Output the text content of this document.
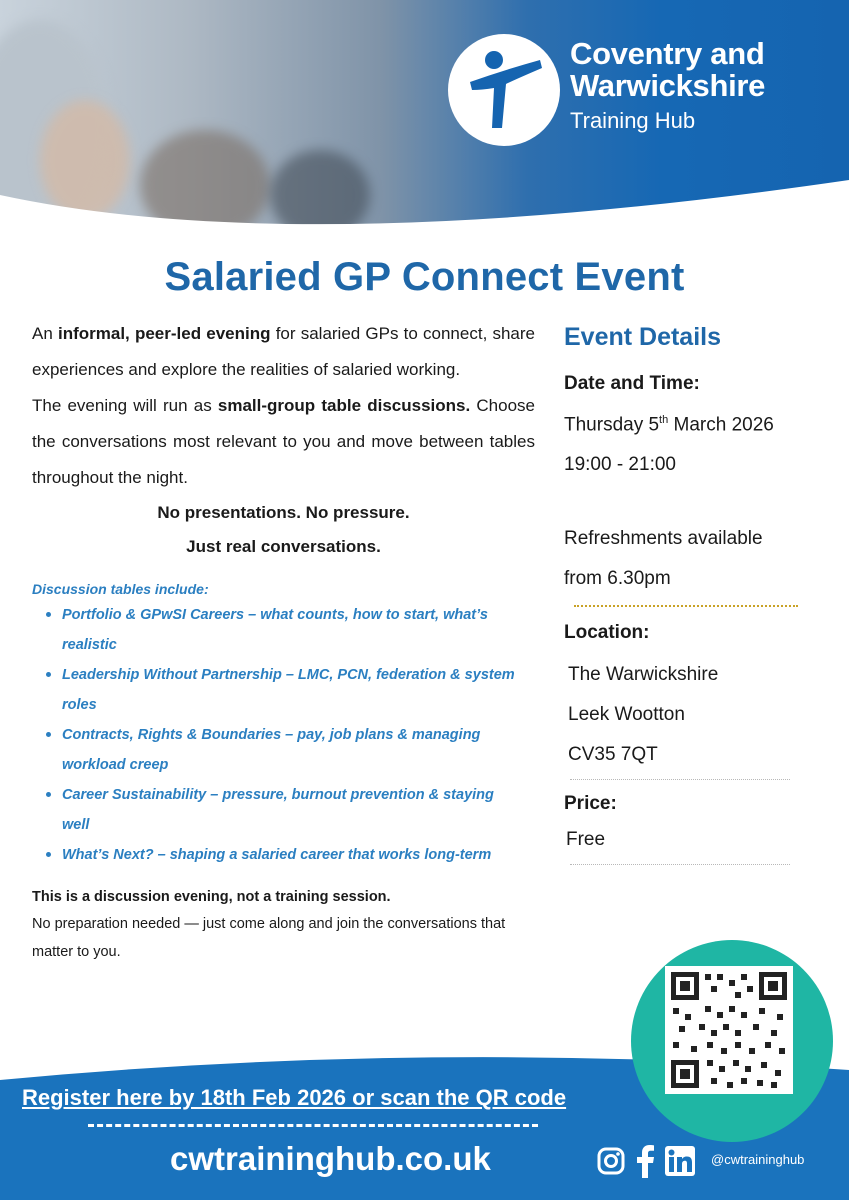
Coventry and
Warwickshire
Training Hub
Salaried GP Connect Event

An informal, peer-led evening for salaried GPs to connect, share experiences and explore the realities of salaried working.

The evening will run as small-group table discussions. Choose the conversations most relevant to you and move between tables throughout the night.

No presentations. No pressure.

Just real conversations.

Discussion tables include:
Portfolio & GPwSI Careers – what counts, how to start, what’s realistic
Leadership Without Partnership – LMC, PCN, federation & system roles
Contracts, Rights & Boundaries – pay, job plans & managing workload creep
Career Sustainability – pressure, burnout prevention & staying well
What’s Next? – shaping a salaried career that works long-term
This is a discussion evening, not a training session.
No preparation needed — just come along and join the conversations that matter to you.
Event Details
Date and Time:
Thursday 5th March 2026
19:00 - 21:00
Refreshments available
from 6.30pm
Location:
The Warwickshire
Leek Wootton
CV35 7QT
Price:
Free
Register here by 18th Feb 2026 or scan the QR code
cwtraininghub.co.uk	@cwtraininghub
